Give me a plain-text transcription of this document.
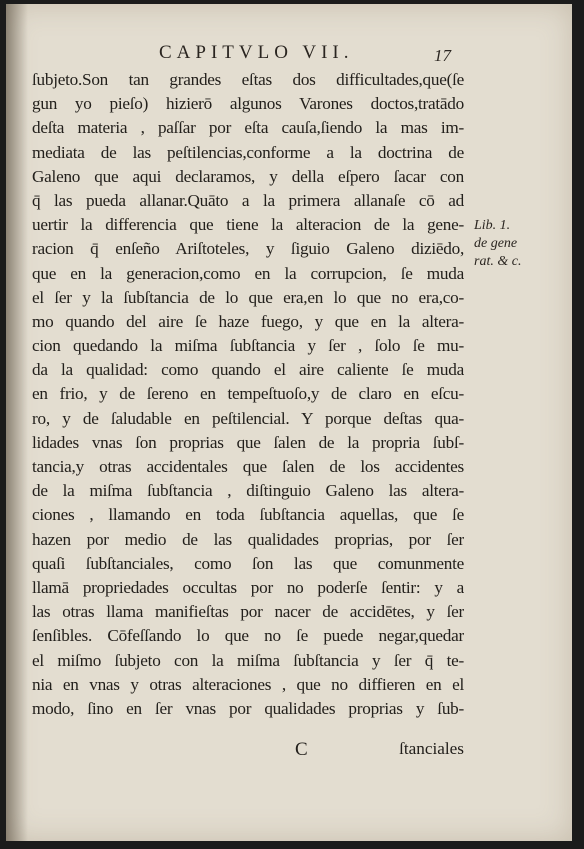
CAPITVLO VII.	17
ſubjeto.Son tan grandes eſtas dos difficultades,que(ſe
gun yo pieſo) hizierō algunos Varones doctos,tratādo
deſta materia , paſſar por eſta cauſa,ſiendo la mas im-
mediata de las peſtilencias,conforme a la doctrina de
Galeno que aqui declaramos, y della eſpero ſacar con
q̄ las pueda allanar.Quāto a la primera allanaſe cō ad
uertir la differencia que tiene la alteracion de la gene-
racion q̄ enſeño Ariſtoteles, y ſiguio Galeno diziēdo,
que en la generacion,como en la corrupcion, ſe muda
el ſer y la ſubſtancia de lo que era,en lo que no era,co-
mo quando del aire ſe haze fuego, y que en la altera-
cion quedando la miſma ſubſtancia y ſer , ſolo ſe mu-
da la qualidad: como quando el aire caliente ſe muda
en frio, y de ſereno en tempeſtuoſo,y de claro en eſcu-
ro, y de ſaludable en peſtilencial. Y porque deſtas qua-
lidades vnas ſon proprias que ſalen de la propria ſubſ-
tancia,y otras accidentales que ſalen de los accidentes
de la miſma ſubſtancia , diſtinguio Galeno las altera-
ciones , llamando en toda ſubſtancia aquellas, que ſe
hazen por medio de las qualidades proprias, por ſer
quaſi ſubſtanciales, como ſon las que comunmente
llamā propriedades occultas por no poderſe ſentir: y a
las otras llama manifieſtas por nacer de accidētes, y ſer
ſenſibles. Cōfeſſando lo que no ſe puede negar,quedar
el miſmo ſubjeto con la miſma ſubſtancia y ſer q̄ te-
nia en vnas y otras alteraciones , que no diffieren en el
modo, ſino en ſer vnas por qualidades proprias y ſub-
C	ſtanciales
Lib. 1.
de gene
rat. & c.
